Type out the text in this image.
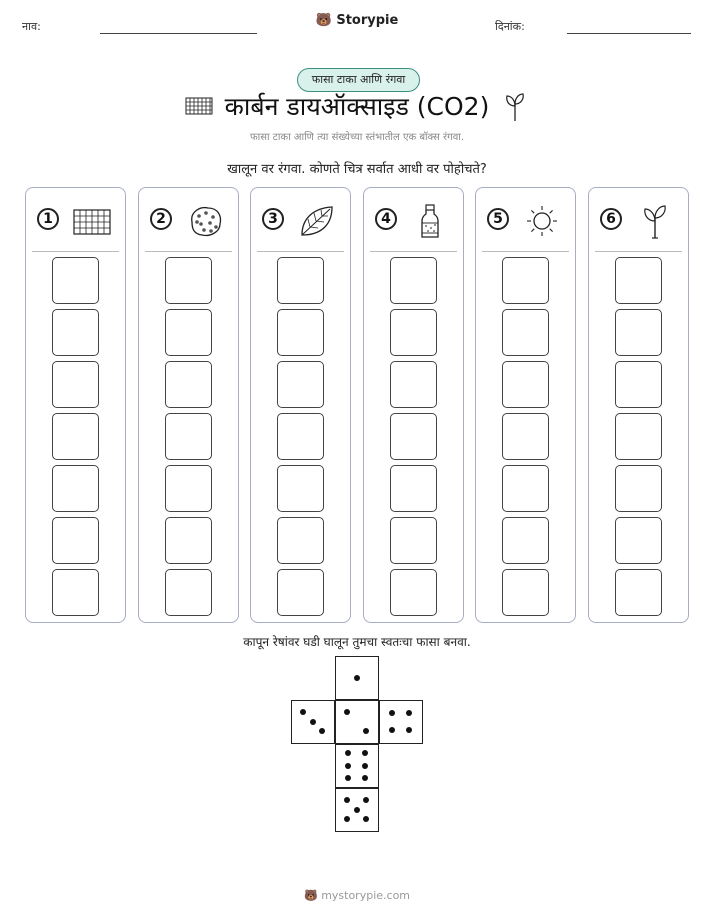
नाव:	🐻 Storypie	दिनांक:
फासा टाका आणि रंगवा
कार्बन डायऑक्साइड (CO2)
फासा टाका आणि त्या संख्येच्या स्तंभातील एक बॉक्स रंगवा.
खालून वर रंगवा. कोणते चित्र सर्वात आधी वर पोहोचते?
1	2	3	4	5	6
कापून रेषांवर घडी घालून तुमचा स्वतःचा फासा बनवा.
🐻 mystorypie.com
